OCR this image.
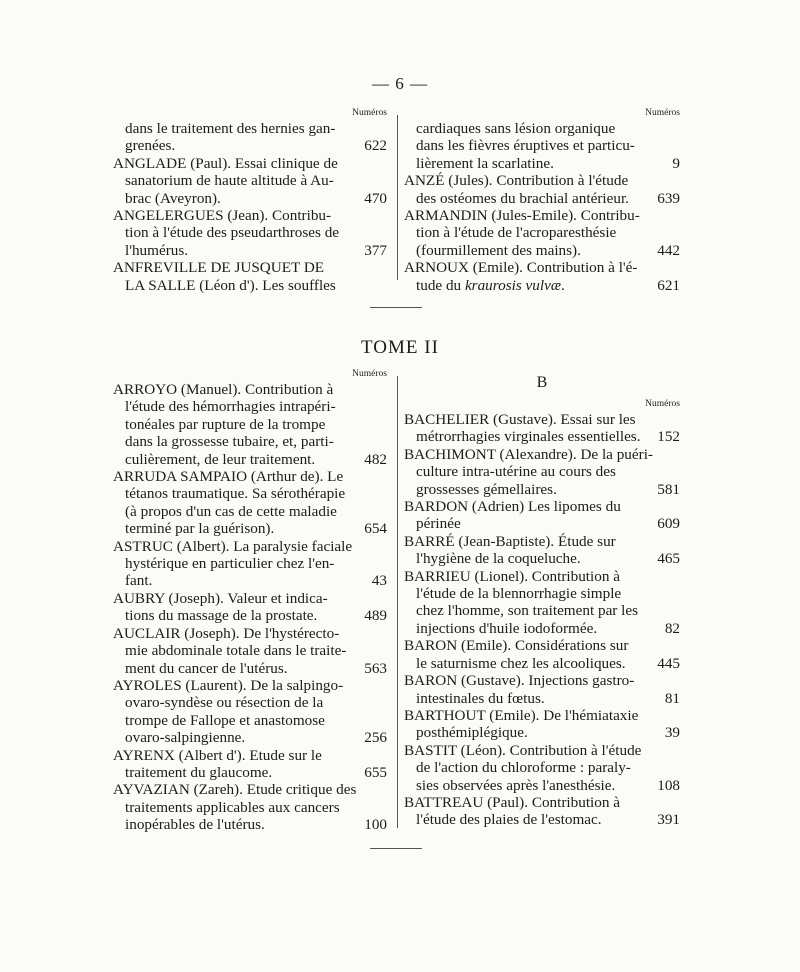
— 6 —
Numéros
dans le traitement des hernies gan-
grenées.	622
ANGLADE (Paul). Essai clinique de
sanatorium de haute altitude à Au-
brac (Aveyron).	470
ANGELERGUES (Jean). Contribu-
tion à l'étude des pseudarthroses de
l'humérus.	377
ANFREVILLE DE JUSQUET DE
LA SALLE (Léon d'). Les souffles
Numéros
cardiaques sans lésion organique
dans les fièvres éruptives et particu-
lièrement la scarlatine.	9
ANZÉ (Jules). Contribution à l'étude
des ostéomes du brachial antérieur.	639
ARMANDIN (Jules-Emile). Contribu-
tion à l'étude de l'acroparesthésie
(fourmillement des mains).	442
ARNOUX (Emile). Contribution à l'é-
tude du kraurosis vulvæ.	621
TOME II
Numéros
ARROYO (Manuel). Contribution à
l'étude des hémorrhagies intrapéri-
tonéales par rupture de la trompe
dans la grossesse tubaire, et, parti-
culièrement, de leur traitement.	482
ARRUDA SAMPAIO (Arthur de). Le
tétanos traumatique. Sa sérothérapie
(à propos d'un cas de cette maladie
terminé par la guérison).	654
ASTRUC (Albert). La paralysie faciale
hystérique en particulier chez l'en-
fant.	43
AUBRY (Joseph). Valeur et indica-
tions du massage de la prostate.	489
AUCLAIR (Joseph). De l'hystérecto-
mie abdominale totale dans le traite-
ment du cancer de l'utérus.	563
AYROLES (Laurent). De la salpingo-
ovaro-syndèse ou résection de la
trompe de Fallope et anastomose
ovaro-salpingienne.	256
AYRENX (Albert d'). Etude sur le
traitement du glaucome.	655
AYVAZIAN (Zareh). Etude critique des
traitements applicables aux cancers
inopérables de l'utérus.	100
B
Numéros
BACHELIER (Gustave). Essai sur les
métrorrhagies virginales essentielles.	152
BACHIMONT (Alexandre). De la puéri-
culture intra-utérine au cours des
grossesses gémellaires.	581
BARDON (Adrien) Les lipomes du
périnée	609
BARRÉ (Jean-Baptiste). Étude sur
l'hygiène de la coqueluche.	465
BARRIEU (Lionel). Contribution à
l'étude de la blennorrhagie simple
chez l'homme, son traitement par les
injections d'huile iodoformée.	82
BARON (Emile). Considérations sur
le saturnisme chez les alcooliques.	445
BARON (Gustave). Injections gastro-
intestinales du fœtus.	81
BARTHOUT (Emile). De l'hémiataxie
posthémiplégique.	39
BASTIT (Léon). Contribution à l'étude
de l'action du chloroforme : paraly-
sies observées après l'anesthésie.	108
BATTREAU (Paul). Contribution à
l'étude des plaies de l'estomac.	391
